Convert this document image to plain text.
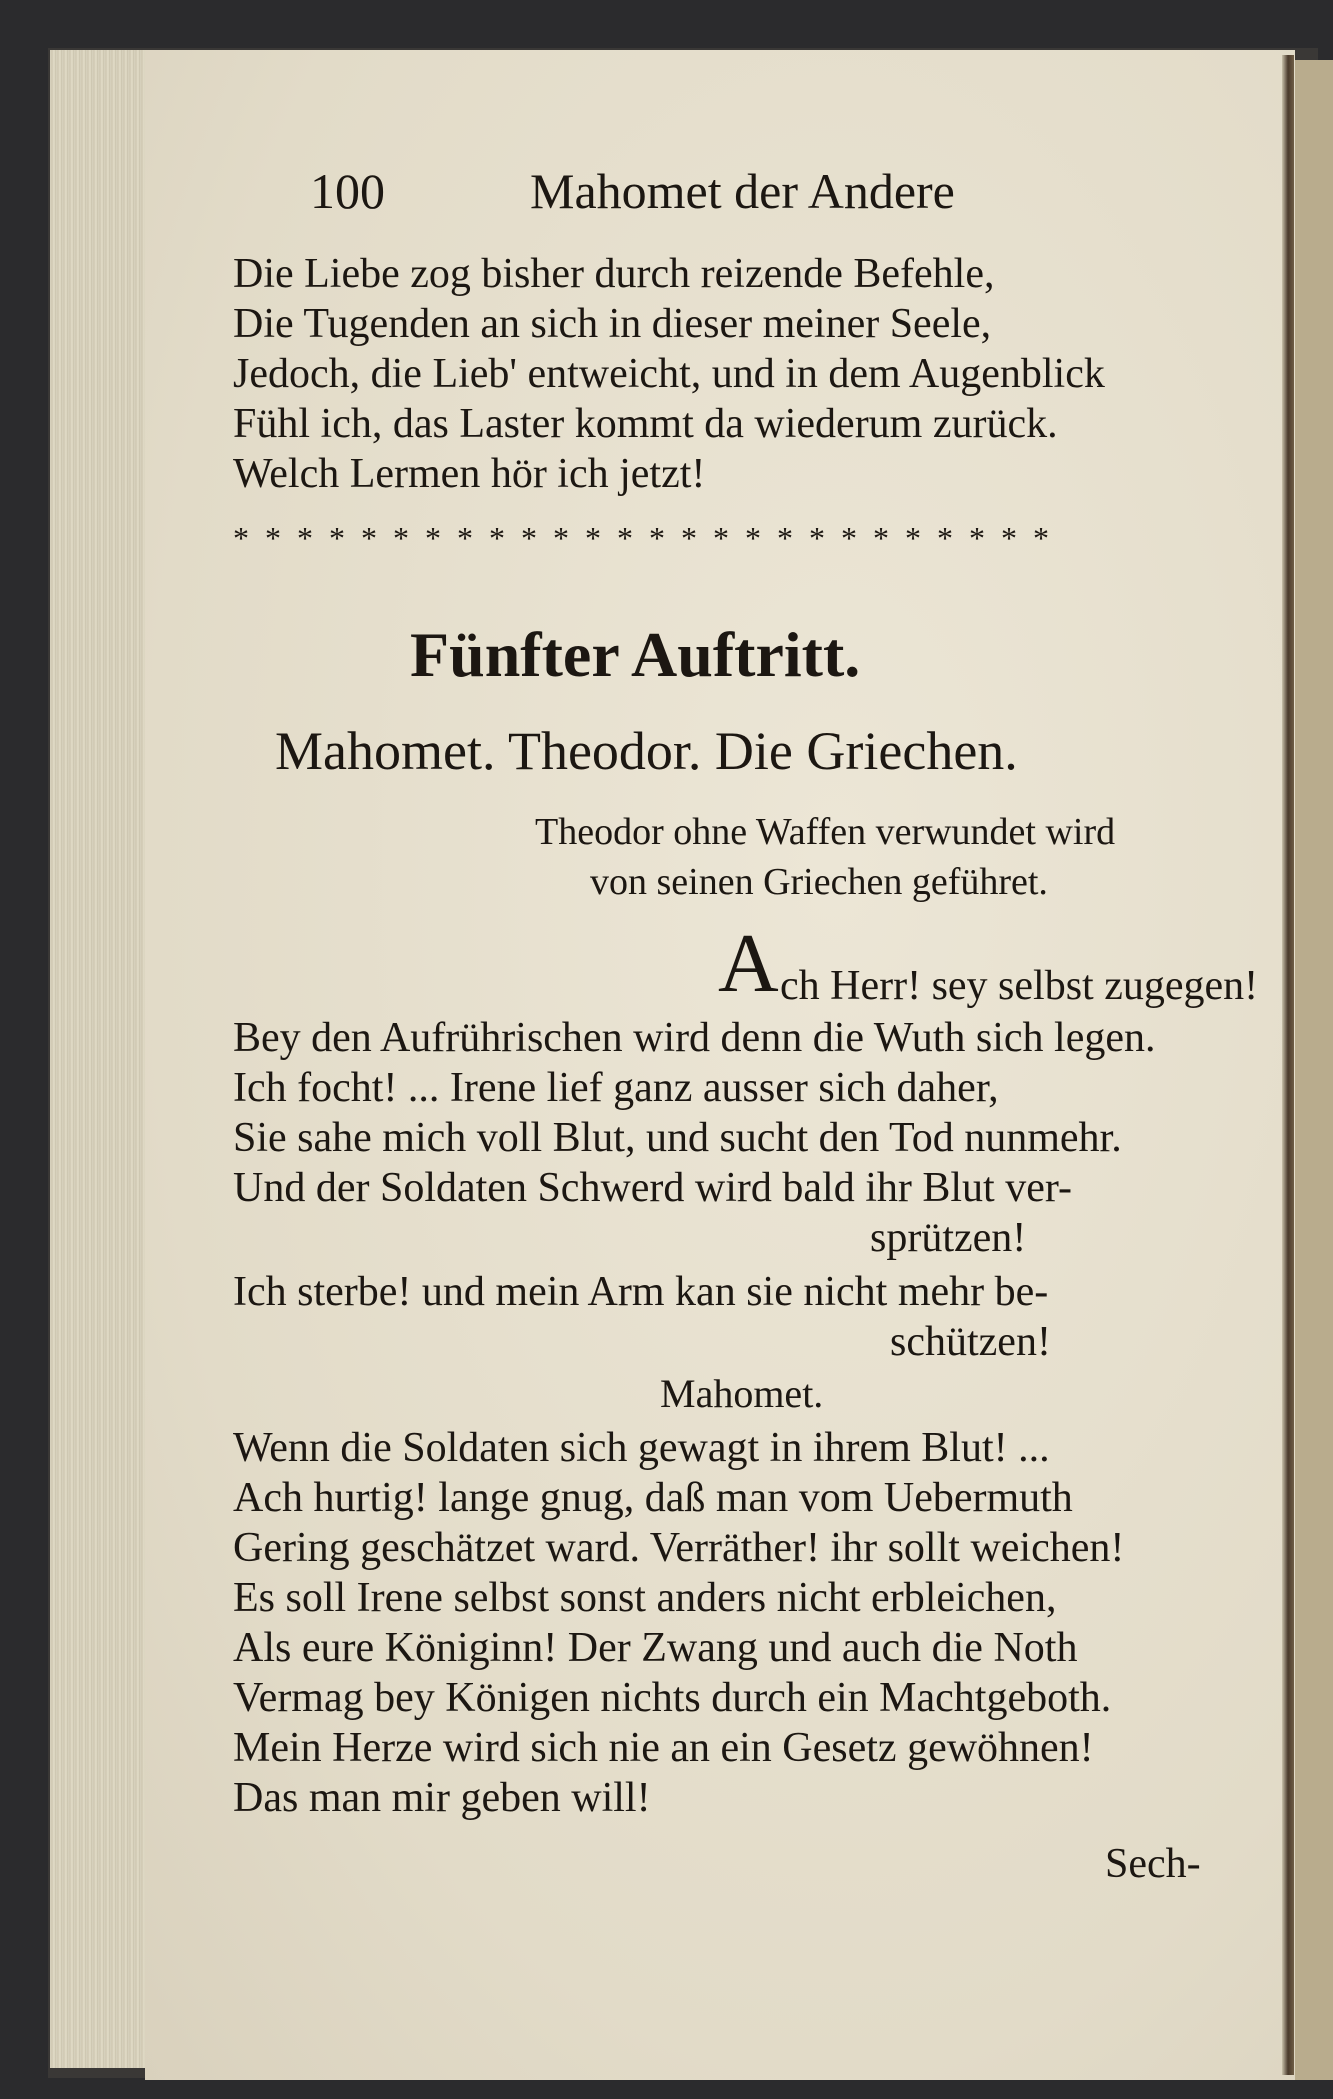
100	Mahomet der Andere
Die Liebe zog bisher durch reizende Befehle,
Die Tugenden an sich in dieser meiner Seele,
Jedoch, die Lieb' entweicht, und in dem Augenblick
Fühl ich, das Laster kommt da wiederum zurück.
Welch Lermen hör ich jetzt!
* * * * * * * * * * * * * * * * * * * * * * * * * *
Fünfter Auftritt.
Mahomet. Theodor. Die Griechen.
Theodor ohne Waffen verwundet wird
von seinen Griechen geführet.
A ch Herr! sey selbst zugegen!
Bey den Aufrührischen wird denn die Wuth sich legen.
Ich focht! ... Irene lief ganz ausser sich daher,
Sie sahe mich voll Blut, und sucht den Tod nunmehr.
Und der Soldaten Schwerd wird bald ihr Blut ver-
sprützen!
Ich sterbe! und mein Arm kan sie nicht mehr be-
schützen!
Mahomet.
Wenn die Soldaten sich gewagt in ihrem Blut! ...
Ach hurtig! lange gnug, daß man vom Uebermuth
Gering geschätzet ward. Verräther! ihr sollt weichen!
Es soll Irene selbst sonst anders nicht erbleichen,
Als eure Königinn! Der Zwang und auch die Noth
Vermag bey Königen nichts durch ein Machtgeboth.
Mein Herze wird sich nie an ein Gesetz gewöhnen!
Das man mir geben will!
Sech-
